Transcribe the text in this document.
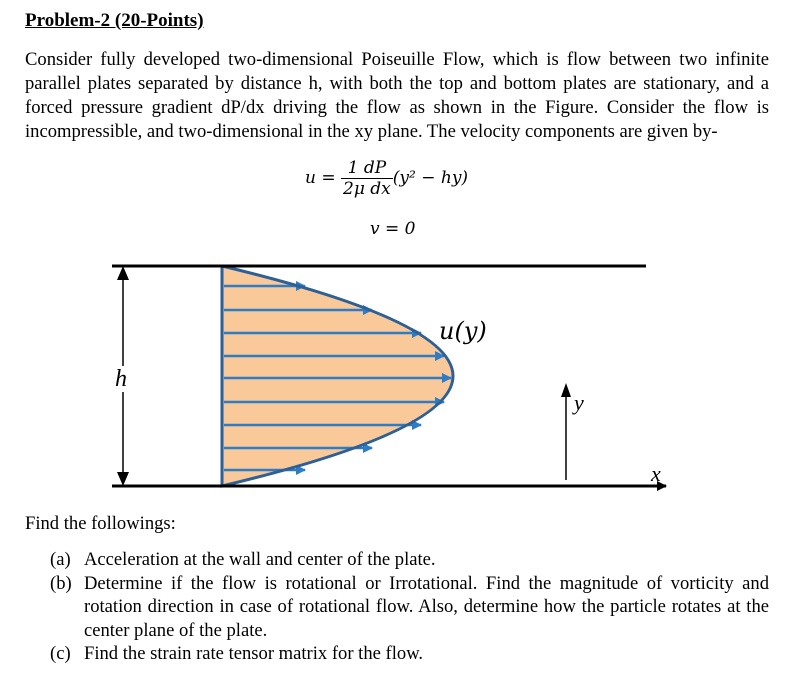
Problem-2 (20-Points)

Consider fully developed two-dimensional Poiseuille Flow, which is flow between two infinite parallel plates separated by distance h, with both the top and bottom plates are stationary, and a forced pressure gradient dP/dx driving the flow as shown in the Figure. Consider the flow is incompressible, and two-dimensional in the xy plane. The velocity components are given by-

$u = \frac{1 dP}{\text{2μ dx}} (y^2 - hy)$
v = 0
h
u(y)
y
x
Find the followings:
(a) Acceleration at the wall and center of the plate.
(b) Determine if the flow is rotational or Irrotational. Find the magnitude of vorticity and rotation direction in case of rotational flow. Also, determine how the particle rotates at the center plane of the plate.
(c) Find the strain rate tensor matrix for the flow.
